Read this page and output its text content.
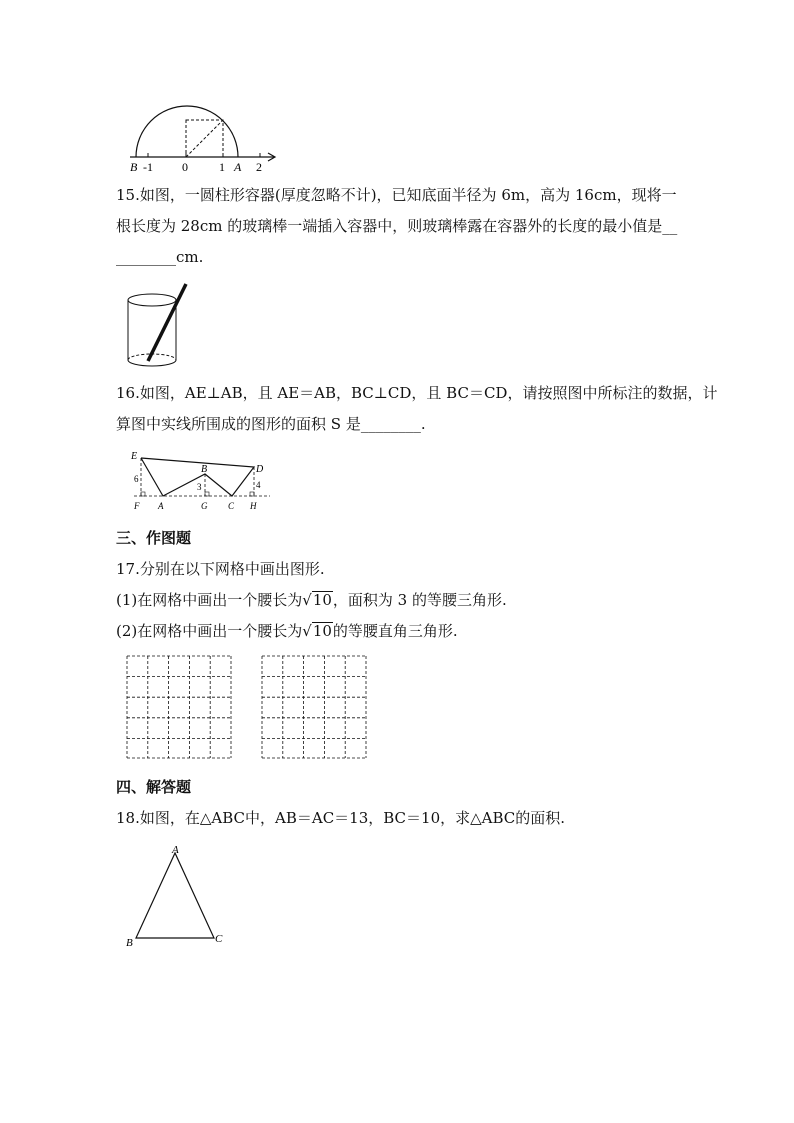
B -1 0	1 A 2
15.如图，一圆柱形容器(厚度忽略不计)，已知底面半径为 6m，高为 16cm，现将一
根长度为 28cm 的玻璃棒一端插入容器中，则玻璃棒露在容器外的长度的最小值是__
________cm.
16.如图，AE⊥AB，且 AE＝AB，BC⊥CD，且 BC＝CD，请按照图中所标注的数据，计
算图中实线所围成的图形的面积 S 是________.
E
B	D
6
3	4
F A	G C H
三、作图题
17.分别在以下网格中画出图形.
(1)在网格中画出一个腰长为√10，面积为 3 的等腰三角形.
(2)在网格中画出一个腰长为√10的等腰直角三角形.
四、解答题
18.如图，在△ABC中，AB＝AC＝13，BC＝10，求△ABC的面积.
A
B	C
